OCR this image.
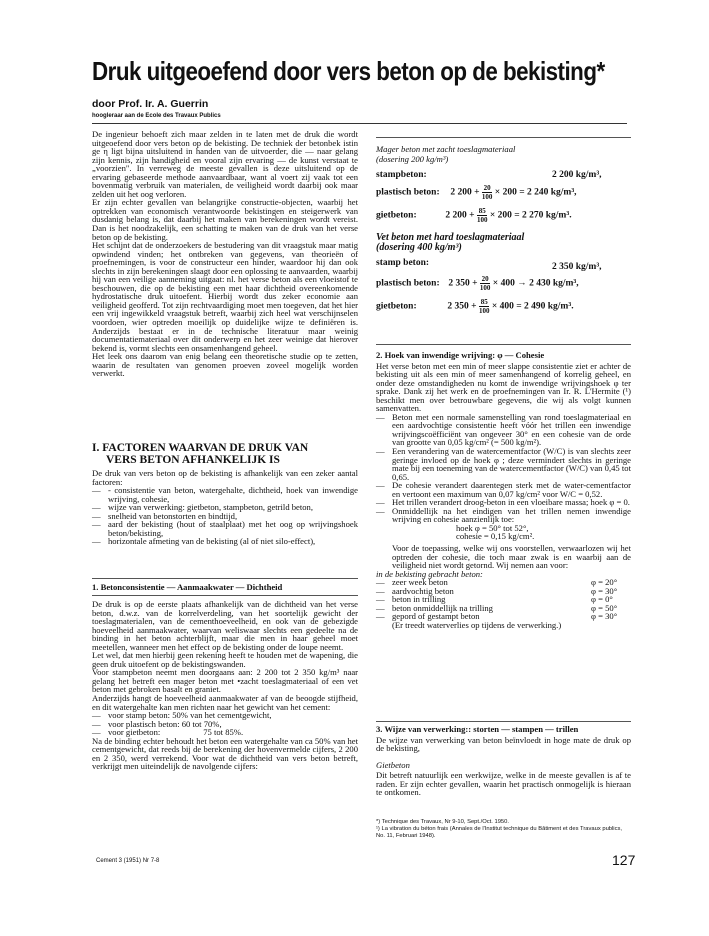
Druk uitgeoefend door vers beton op de bekisting*
door Prof. Ir. A. Guerrin
hoogleraar aan de Ecole des Travaux Publics

De ingenieur behoeft zich maar zelden in te laten met de druk die wordt uitgeoefend door vers beton op de bekisting. De techniek der betonbek istin ge η ligt bijna uitsluitend in handen van de uitvoerder, die — naar gelang zijn kennis, zijn handigheid en vooral zijn ervaring — de kunst verstaat te „voorzien". In verreweg de meeste gevallen is deze uitsluitend op de ervaring gebaseerde methode aanvaardbaar, want al voert zij vaak tot een bovenmatig verbruik van materialen, de veiligheid wordt daarbij ook maar zelden uit het oog verloren.

Er zijn echter gevallen van belangrijke constructie-objecten, waarbij het optrekken van economisch verantwoorde bekistingen en steigerwerk van dusdanig belang is, dat daarbij het maken van berekeningen wordt vereist. Dan is het noodzakelijk, een schatting te maken van de druk van het verse beton op de bekisting.

Het schijnt dat de onderzoekers de bestudering van dit vraagstuk maar matig opwindend vinden; het ontbreken van gegevens, van theorieën of proefnemingen, is voor de constructeur een hinder, waardoor hij dan ook slechts in zijn berekeningen slaagt door een oplossing te aanvaarden, waarbij hij van een veilige aanneming uitgaat: nl. het verse beton als een vloeistof te beschouwen, die op de bekisting een met haar dichtheid overeenkomende hydrostatische druk uitoefent. Hierbij wordt dus zeker economie aan veiligheid geofferd. Tot zijn rechtvaardiging moet men toegeven, dat het hier een vrij ingewikkeld vraagstuk betreft, waarbij zich heel wat verschijnselen voordoen, wier optreden moeilijk op duidelijke wijze te definiëren is. Anderzijds bestaat er in de technische literatuur maar weinig documentatiemateriaal over dit onderwerp en het zeer weinige dat hierover bekend is, vormt slechts een onsamenhangend geheel.

Het leek ons daarom van enig belang een theoretische studie op te zetten, waarin de resultaten van genomen proeven zoveel mogelijk worden verwerkt.

I. FACTOREN WAARVAN DE DRUK VAN
VERS BETON AFHANKELIJK IS

De druk van vers beton op de bekisting is afhankelijk van een zeker aantal factoren:

— - consistentie van beton, watergehalte, dichtheid, hoek van inwendige wrijving, cohesie,
— wijze van verwerking: gietbeton, stampbeton, getrild beton,
— snelheid van betonstorten en bindtijd,
— aard der bekisting (hout of staalplaat) met het oog op wrijvingshoek beton/bekisting,
— horizontale afmeting van de bekisting (al of niet silo-effect),
1. Betonconsistentie — Aanmaakwater — Dichtheid

De druk is op de eerste plaats afhankelijk van de dichtheid van het verse beton, d.w.z. van de korrelverdeling, van het soortelijk gewicht der toeslagmaterialen, van de cementhoeveelheid, en ook van de gebezigde hoeveelheid aanmaakwater, waarvan weliswaar slechts een gedeelte na de binding in het beton achterblijft, maar die men in haar geheel moet meetellen, wanneer men het effect op de bekisting onder de loupe neemt.

Let wel, dat men hierbij geen rekening heeft te houden met de wapening, die geen druk uitoefent op de bekistingswanden.

Voor stampbeton neemt men doorgaans aan: 2 200 tot 2 350 kg/m³ naar gelang het betreft een mager beton met •zacht toeslagmateriaal of een vet beton met gebroken basalt en graniet.

Anderzijds hangt de hoeveelheid aanmaakwater af van de beoogde stijfheid, en dit watergehalte kan men richten naar het gewicht van het cement:

— voor stamp beton: 50% van het cementgewicht,
— voor plastisch beton: 60 tot 70%,
— voor gietbeton:                    75 tot 85%.

Na de binding echter behoudt het beton een watergehalte van ca 50% van het cementgewicht, dat reeds bij de berekening der hovenvermelde cijfers, 2 200 en 2 350, werd verrekend. Voor wat de dichtheid van vers beton betreft, verkrijgt men uiteindelijk de navolgende cijfers:

Mager beton met zacht toeslagmateriaal
(dosering 200 kg/m³)
stampbeton:	2 200 kg/m³,
plastisch beton: 2 $200 + \frac{20}{100} \times 200 = 2$ 240 kg/m³,
gietbeton:	2 $200 + \frac{85}{100} \times 200 = 2$ 270 kg/m³.
Vet beton met hard toeslagmateriaal
(dosering 400 kg/m³)
stamp beton:	2 350 kg/m³,
plastisch beton: 2 $350 + \frac{20}{100} \times 400 \to 2$ 430 kg/m³,
gietbeton:	2 $350 + \frac{85}{100} \times 400 = 2$ 490 kg/m³.

2. Hoek van inwendige wrijving: φ — Cohesie

Het verse beton met een min of meer slappe consistentie ziet er achter de bekisting uit als een min of meer samenhangend of korrelig geheel, en onder deze omstandigheden nu komt de inwendige wrijvingshoek φ ter sprake. Dank zij het werk en de proefnemingen van Ir. R. L'Hermite (¹) beschikt men over betrouwbare gegevens, die wij als volgt kunnen samenvatten.

— Beton met een normale samenstelling van rond toeslagmateriaal en een aardvochtige consistentie heeft vóór het trillen een inwendige wrijvingscoëfficiënt van ongeveer 30° en een cohesie van de orde van grootte van 0,05 kg/cm² (= 500 kg/m²).
— Een verandering van de watercementfactor (W/C) is van slechts zeer geringe invloed op de hoek φ ; deze vermindert slechts in geringe mate bij een toeneming van de watercementfactor (W/C) van 0,45 tot 0,65.
— De cohesie verandert daarentegen sterk met de water-cementfactor en vertoont een maximum van 0,07 kg/cm² voor W/C = 0,52.
— Het trillen verandert droog-beton in een vloeibare massa; hoek φ = 0.
— Onmiddellijk na het eindigen van het trillen nemen inwendige wrijving en cohesie aanzienlijk toe:
hoek φ = 50° tot 52°,
cohesie = 0,15 kg/cm².

Voor de toepassing, welke wij ons voorstellen, verwaarlozen wij het optreden der cohesie, die toch maar zwak is en waarbij aan de veiligheid niet wordt getornd. Wij nemen aan voor:

in de bekisting gebracht beton:
— zeer week beton	φ = 20°
— aardvochtig beton	φ = 30°
— beton in trilling	φ = 0°
— beton onmiddellijk na trilling	φ = 50°
— gepord of gestampt beton	φ = 30°
(Er treedt waterverlies op tijdens de verwerking.)

3. Wijze van verwerking:: storten — stampen — trillen

De wijze van verwerking van beton beïnvloedt in hoge mate de druk op de bekisting,

Gietbeton

Dit betreft natuurlijk een werkwijze, welke in de meeste gevallen is af te raden. Er zijn echter gevallen, waarin het practisch onmogelijk is hieraan te ontkomen.

*) Technique des Travaux, Nr 9-10, Sept./Oct. 1950.
¹) La vibration du béton frais (Annales de l'Institut technique du Bâtiment et des Travaux publics, No. 11, Februari 1948).
Cement 3 (1951) Nr 7-8	127
